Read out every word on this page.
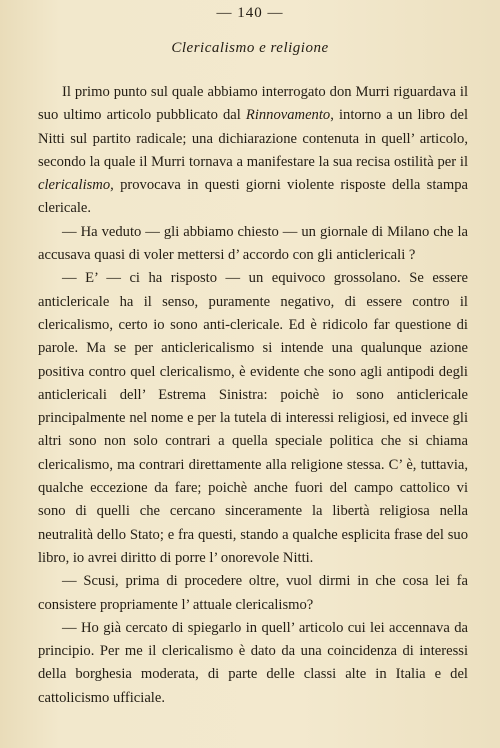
— 140 —
Clericalismo e religione

Il primo punto sul quale abbiamo interrogato don Murri riguardava il suo ultimo articolo pubblicato dal Rinnovamento, intorno a un libro del Nitti sul partito radicale; una dichiarazione contenuta in quell’ articolo, secondo la quale il Murri tornava a manifestare la sua recisa ostilità per il clericalismo, provocava in questi giorni violente risposte della stampa clericale.

— Ha veduto — gli abbiamo chiesto — un giornale di Milano che la accusava quasi di voler mettersi d’ accordo con gli anticlericali ?

— E’ — ci ha risposto — un equivoco grossolano. Se essere anticlericale ha il senso, puramente negativo, di essere contro il clericalismo, certo io sono anti-clericale. Ed è ridicolo far questione di parole. Ma se per anticlericalismo si intende una qualunque azione positiva contro quel clericalismo, è evidente che sono agli antipodi degli anticlericali dell’ Estrema Sinistra: poichè io sono anticlericale principalmente nel nome e per la tutela di interessi religiosi, ed invece gli altri sono non solo contrari a quella speciale politica che si chiama clericalismo, ma contrari direttamente alla religione stessa. C’ è, tuttavia, qualche eccezione da fare; poichè anche fuori del campo cattolico vi sono di quelli che cercano sinceramente la libertà religiosa nella neutralità dello Stato; e fra questi, stando a qualche esplicita frase del suo libro, io avrei diritto di porre l’ onorevole Nitti.

— Scusi, prima di procedere oltre, vuol dirmi in che cosa lei fa consistere propriamente l’ attuale clericalismo?

— Ho già cercato di spiegarlo in quell’ articolo cui lei accennava da principio. Per me il clericalismo è dato da una coincidenza di interessi della borghesia moderata, di parte delle classi alte in Italia e del cattolicismo ufficiale.
